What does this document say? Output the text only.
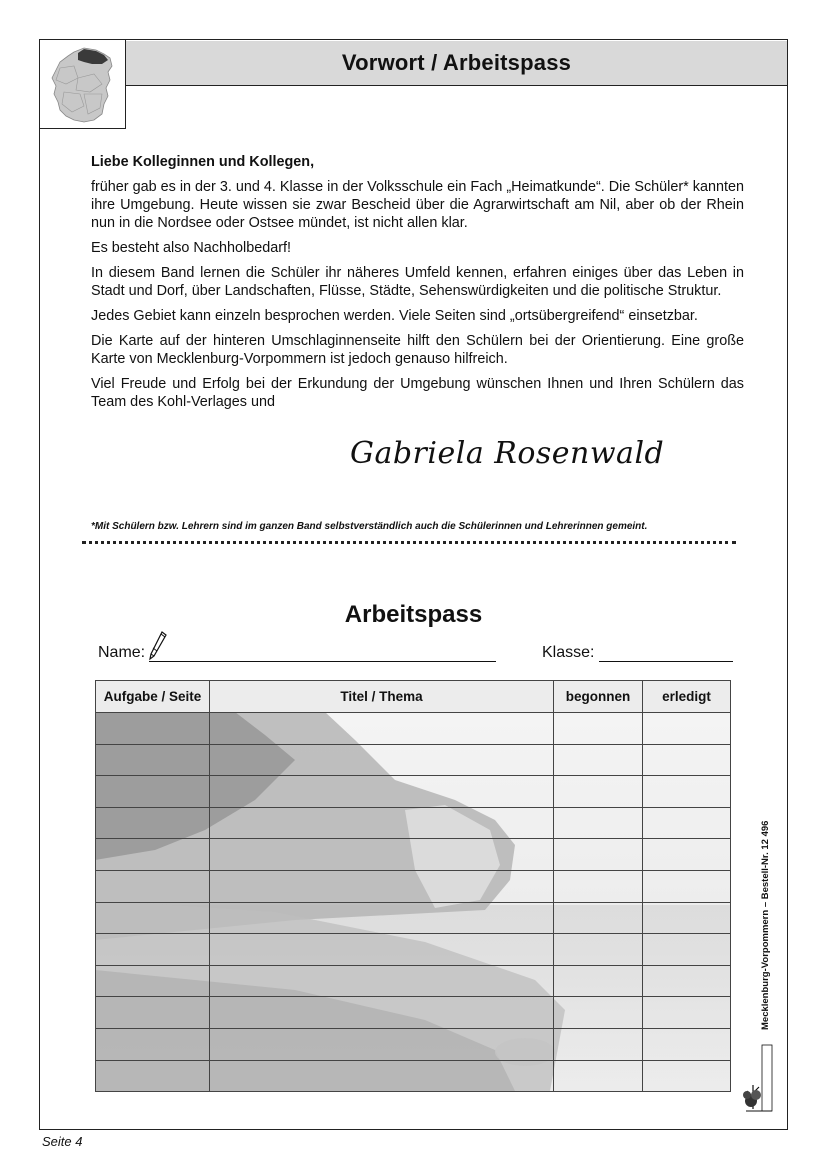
Vorwort / Arbeitspass

Liebe Kolleginnen und Kollegen,

früher gab es in der 3. und 4. Klasse in der Volksschule ein Fach „Heimatkunde“. Die Schüler* kannten ihre Umgebung. Heute wissen sie zwar Bescheid über die Agrarwirtschaft am Nil, aber ob der Rhein nun in die Nordsee oder Ostsee mündet, ist nicht allen klar.

Es besteht also Nachholbedarf!

In diesem Band lernen die Schüler ihr näheres Umfeld kennen, erfahren einiges über das Leben in Stadt und Dorf, über Landschaften, Flüsse, Städte, Sehenswürdigkeiten und die politische Struktur.

Jedes Gebiet kann einzeln besprochen werden. Viele Seiten sind „ortsübergreifend“ einsetzbar.

Die Karte auf der hinteren Umschlaginnenseite hilft den Schülern bei der Orientierung. Eine große Karte von Mecklenburg-Vorpommern ist jedoch genauso hilfreich.

Viel Freude und Erfolg bei der Erkundung der Umgebung wünschen Ihnen und Ihren Schülern das Team des Kohl-Verlages und

Gabriela Rosenwald
*Mit Schülern bzw. Lehrern sind im ganzen Band selbstverständlich auch die Schülerinnen und Lehrerinnen gemeint.
Arbeitspass
Name:	Klasse:
Aufgabe / Seite	Titel / Thema	begonnen	erledigt

Mecklenburg-Vorpommern – Bestell-Nr. 12 496
Seite 4
